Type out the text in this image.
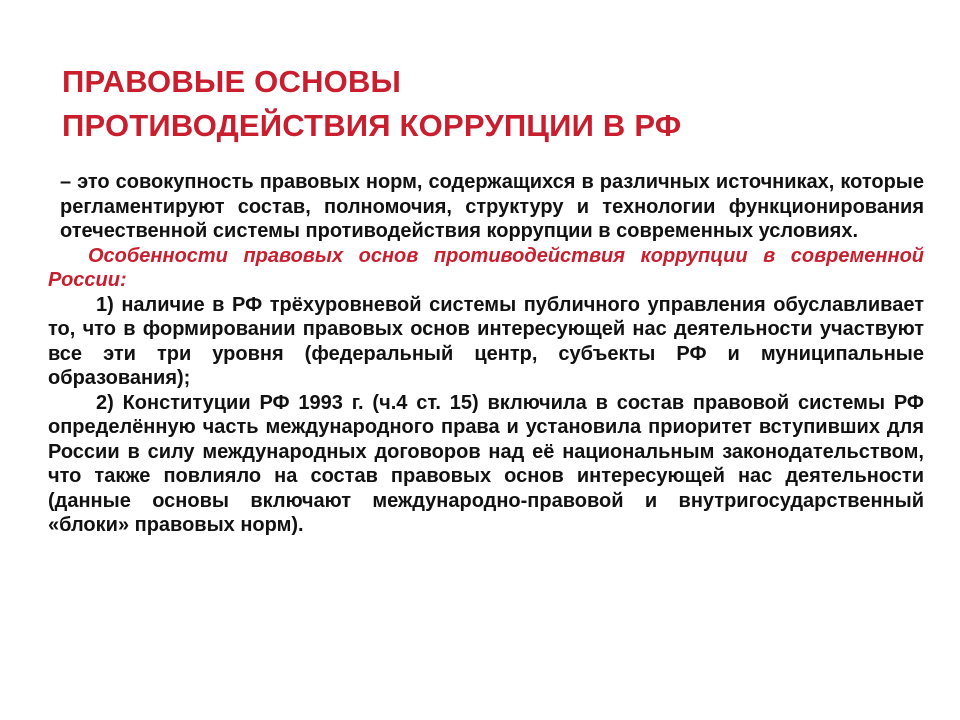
ПРАВОВЫЕ ОСНОВЫ
ПРОТИВОДЕЙСТВИЯ КОРРУПЦИИ В РФ

– это совокупность правовых норм, содержащихся в различных источниках, которые регламентируют состав, полномочия, структуру и технологии функционирования отечественной системы противодействия коррупции в современных условиях.

Особенности правовых основ противодействия коррупции в современной России:

1) наличие в РФ трёхуровневой системы публичного управления обуславливает то, что в формировании правовых основ интересующей нас деятельности участвуют все эти три уровня (федеральный центр, субъекты РФ и муниципальные образования);

2) Конституции РФ 1993 г. (ч.4 ст. 15) включила в состав правовой системы РФ определённую часть международного права и установила приоритет вступивших для России в силу международных договоров над её национальным законодательством, что также повлияло на состав правовых основ интересующей нас деятельности (данные основы включают международно-правовой и внутригосударственный «блоки» правовых норм).
